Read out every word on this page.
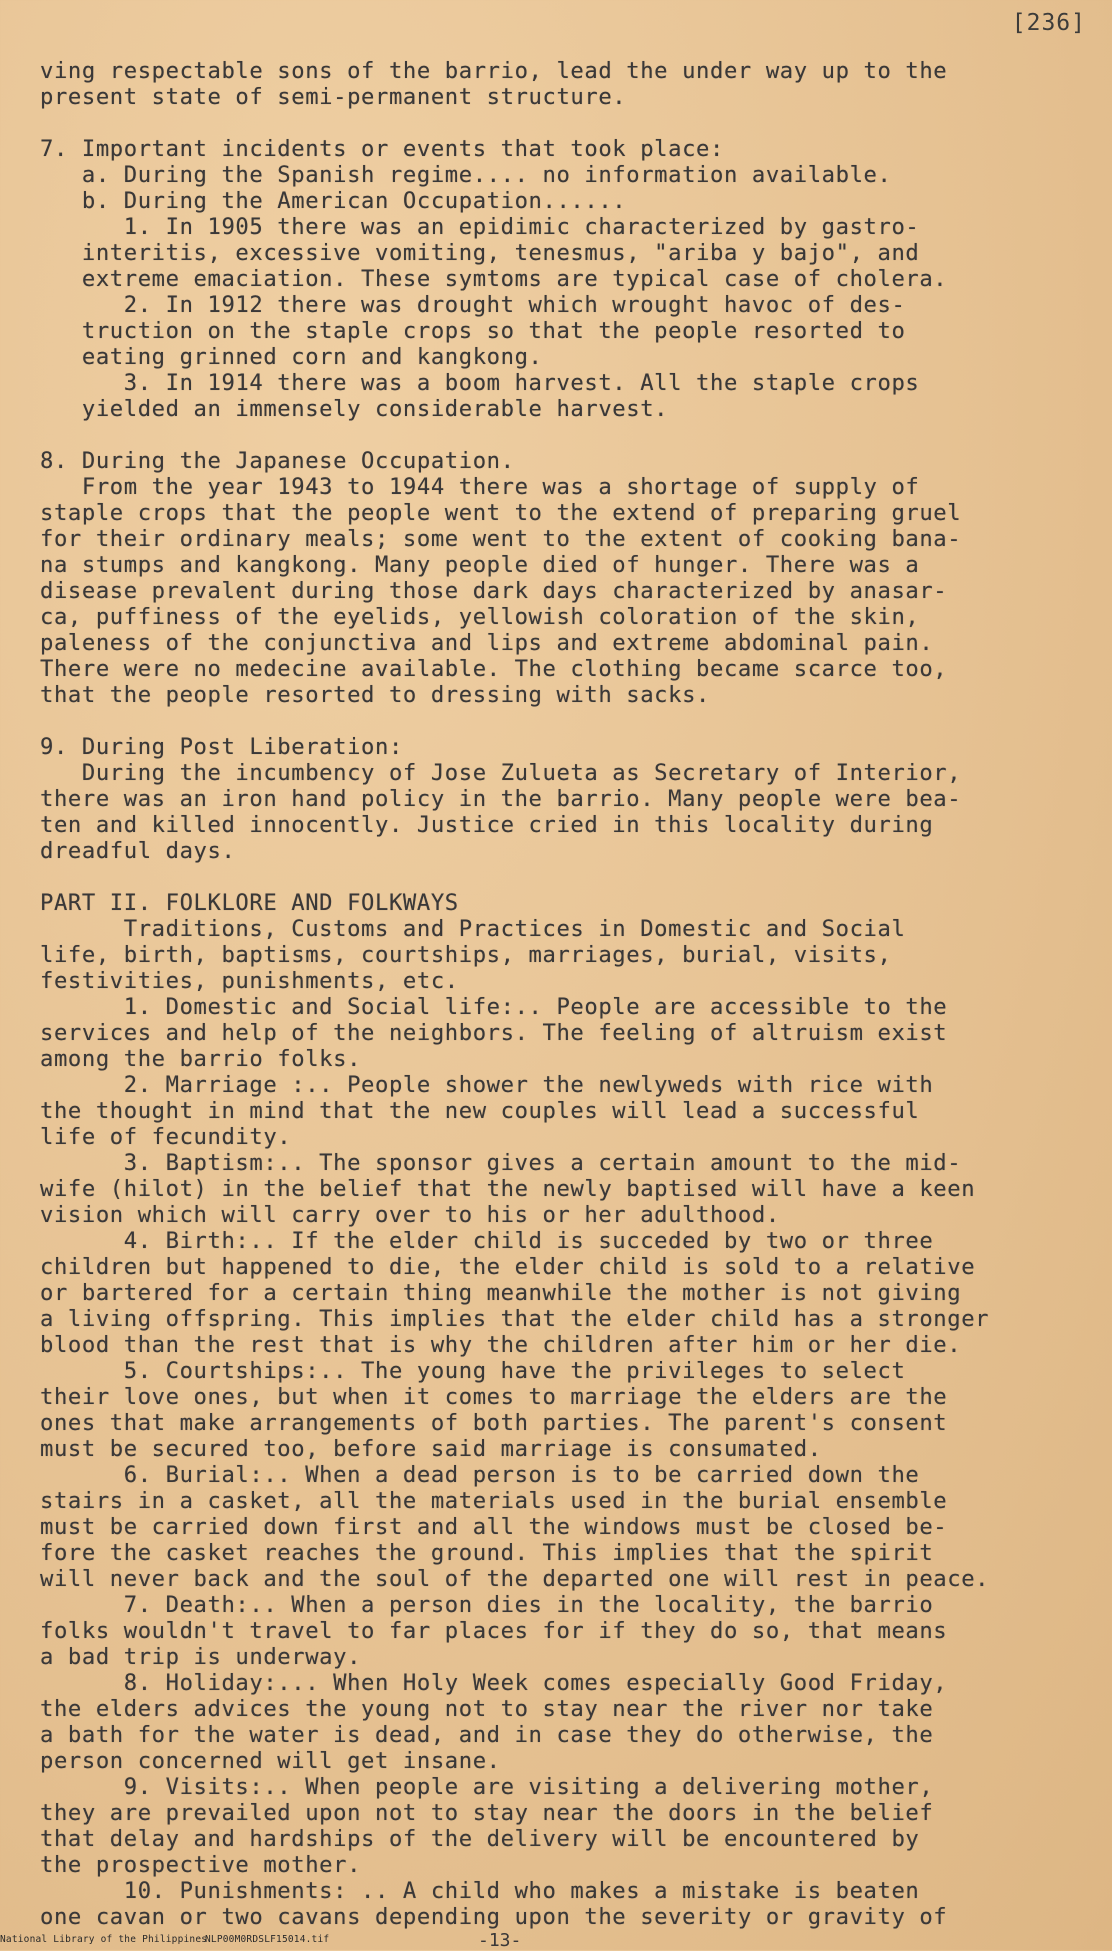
[236]
ving respectable sons of the barrio, lead the under way up to the
present state of semi-permanent structure.
7. Important incidents or events that took place:
a. During the Spanish regime.... no information available.
b. During the American Occupation......
1. In 1905 there was an epidimic characterized by gastro-
interitis, excessive vomiting, tenesmus, "ariba y bajo", and
extreme emaciation. These symtoms are typical case of cholera.
2. In 1912 there was drought which wrought havoc of des-
truction on the staple crops so that the people resorted to
eating grinned corn and kangkong.
3. In 1914 there was a boom harvest. All the staple crops
yielded an immensely considerable harvest.
8. During the Japanese Occupation.
From the year 1943 to 1944 there was a shortage of supply of
staple crops that the people went to the extend of preparing gruel
for their ordinary meals; some went to the extent of cooking bana-
na stumps and kangkong. Many people died of hunger. There was a
disease prevalent during those dark days characterized by anasar-
ca, puffiness of the eyelids, yellowish coloration of the skin,
paleness of the conjunctiva and lips and extreme abdominal pain.
There were no medecine available. The clothing became scarce too,
that the people resorted to dressing with sacks.
9. During Post Liberation:
During the incumbency of Jose Zulueta as Secretary of Interior,
there was an iron hand policy in the barrio. Many people were bea-
ten and killed innocently. Justice cried in this locality during
dreadful days.
PART II. FOLKLORE AND FOLKWAYS
Traditions, Customs and Practices in Domestic and Social
life, birth, baptisms, courtships, marriages, burial, visits,
festivities, punishments, etc.
1. Domestic and Social life:.. People are accessible to the
services and help of the neighbors. The feeling of altruism exist
among the barrio folks.
2. Marriage :.. People shower the newlyweds with rice with
the thought in mind that the new couples will lead a successful
life of fecundity.
3. Baptism:.. The sponsor gives a certain amount to the mid-
wife (hilot) in the belief that the newly baptised will have a keen
vision which will carry over to his or her adulthood.
4. Birth:.. If the elder child is succeded by two or three
children but happened to die, the elder child is sold to a relative
or bartered for a certain thing meanwhile the mother is not giving
a living offspring. This implies that the elder child has a stronger
blood than the rest that is why the children after him or her die.
5. Courtships:.. The young have the privileges to select
their love ones, but when it comes to marriage the elders are the
ones that make arrangements of both parties. The parent's consent
must be secured too, before said marriage is consumated.
6. Burial:.. When a dead person is to be carried down the
stairs in a casket, all the materials used in the burial ensemble
must be carried down first and all the windows must be closed be-
fore the casket reaches the ground. This implies that the spirit
will never back and the soul of the departed one will rest in peace.
7. Death:.. When a person dies in the locality, the barrio
folks wouldn't travel to far places for if they do so, that means
a bad trip is underway.
8. Holiday:... When Holy Week comes especially Good Friday,
the elders advices the young not to stay near the river nor take
a bath for the water is dead, and in case they do otherwise, the
person concerned will get insane.
9. Visits:.. When people are visiting a delivering mother,
they are prevailed upon not to stay near the doors in the belief
that delay and hardships of the delivery will be encountered by
the prospective mother.
10. Punishments: .. A child who makes a mistake is beaten
one cavan or two cavans depending upon the severity or gravity of
-13-
National Library of the Philippines
NLP00M0RDSLF15014.tif
